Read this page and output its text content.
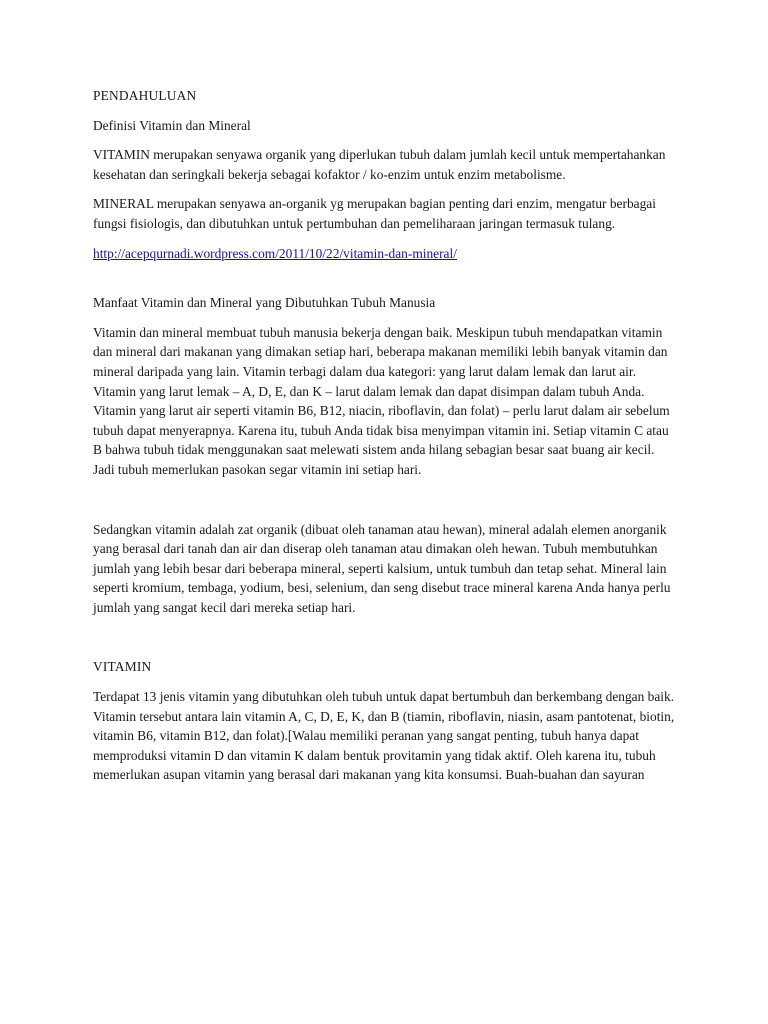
PENDAHULUAN

Definisi Vitamin dan Mineral

VITAMIN merupakan senyawa organik yang diperlukan tubuh dalam jumlah kecil untuk mempertahankan kesehatan dan seringkali bekerja sebagai kofaktor / ko-enzim untuk enzim metabolisme.

MINERAL merupakan senyawa an-organik yg merupakan bagian penting dari enzim, mengatur berbagai fungsi fisiologis, dan dibutuhkan untuk pertumbuhan dan pemeliharaan jaringan termasuk tulang.

http://acepqurnadi.wordpress.com/2011/10/22/vitamin-dan-mineral/

Manfaat Vitamin dan Mineral yang Dibutuhkan Tubuh Manusia

Vitamin dan mineral membuat tubuh manusia bekerja dengan baik. Meskipun tubuh mendapatkan vitamin dan mineral dari makanan yang dimakan setiap hari, beberapa makanan memiliki lebih banyak vitamin dan mineral daripada yang lain. Vitamin terbagi dalam dua kategori: yang larut dalam lemak dan larut air. Vitamin yang larut lemak – A, D, E, dan K – larut dalam lemak dan dapat disimpan dalam tubuh Anda. Vitamin yang larut air seperti vitamin B6, B12, niacin, riboflavin, dan folat) – perlu larut dalam air sebelum tubuh dapat menyerapnya. Karena itu, tubuh Anda tidak bisa menyimpan vitamin ini. Setiap vitamin C atau B bahwa tubuh tidak menggunakan saat melewati sistem anda hilang sebagian besar saat buang air kecil. Jadi tubuh memerlukan pasokan segar vitamin ini setiap hari.

Sedangkan vitamin adalah zat organik (dibuat oleh tanaman atau hewan), mineral adalah elemen anorganik yang berasal dari tanah dan air dan diserap oleh tanaman atau dimakan oleh hewan. Tubuh membutuhkan jumlah yang lebih besar dari beberapa mineral, seperti kalsium, untuk tumbuh dan tetap sehat. Mineral lain seperti kromium, tembaga, yodium, besi, selenium, dan seng disebut trace mineral karena Anda hanya perlu jumlah yang sangat kecil dari mereka setiap hari.

VITAMIN

Terdapat 13 jenis vitamin yang dibutuhkan oleh tubuh untuk dapat bertumbuh dan berkembang dengan baik. Vitamin tersebut antara lain vitamin A, C, D, E, K, dan B (tiamin, riboflavin, niasin, asam pantotenat, biotin, vitamin B6, vitamin B12, dan folat).[Walau memiliki peranan yang sangat penting, tubuh hanya dapat memproduksi vitamin D dan vitamin K dalam bentuk provitamin yang tidak aktif. Oleh karena itu, tubuh memerlukan asupan vitamin yang berasal dari makanan yang kita konsumsi. Buah-buahan dan sayuran
